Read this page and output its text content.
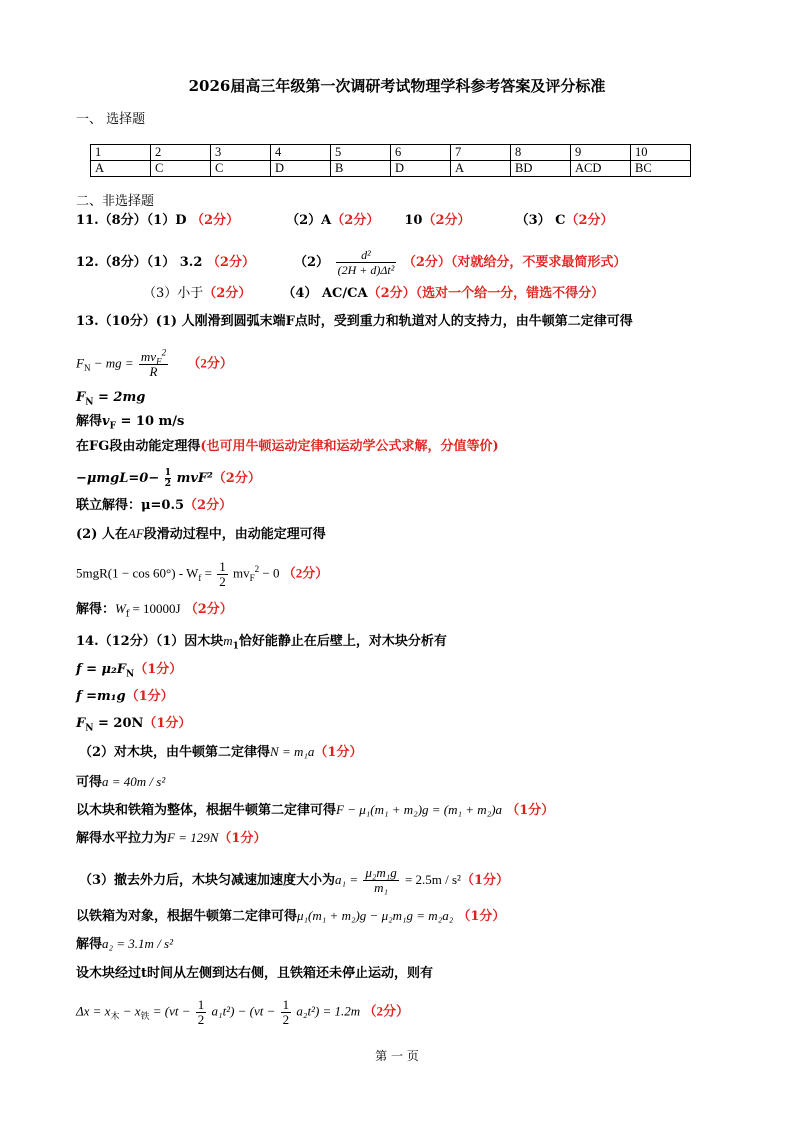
2026届高三年级第一次调研考试物理学科参考答案及评分标准
一、 选择题
1	2	3	4	5	6	7	8	9	10
A	C	C	D	B	D	A	BD	ACD	BC
二、非选择题
11.（8分）（1）D （2分）	（2）A（2分） 10（2分）	（3） C（2分）
12.（8分）（1） 3.2 （2分）	$(2) \frac{\text{d²}}{\text{(2H + d)Δt²}} (2$分）（对就给分，不要求最简形式）
（3）小于（2分） （4） AC/CA（2分）（选对一个给一分，错选不得分）
13.（10分）(1) 人刚滑到圆弧末端F点时，受到重力和轨道对人的支持力，由牛顿第二定律可得
$F_N$ − mg = $\frac{mv_F^2}{R} (2$分）
$F_N = 2mg$
解得$v_F = 10$ m/s
在FG段由动能定理得(也可用牛顿运动定律和运动学公式求解，分值等价)
$-\mu mgL=0- \frac{1}{2} mvF^2(2$分）
联立解得：μ=0.5（2分）
(2) 人在AF段滑动过程中，由动能定理可得
$5mgR(1 - \cos 60^\circ) - W_f = \frac{1}{2} mv_F^2 - 0$ （2分）
解得：$W_f = 10000J$ （2分）
14.（12分）（1）因木块$m_1$恰好能静止在后壁上，对木块分析有
$f = \mu_2F_N(1$分）
f =m₁g（1分）
$F_N = 20N(1$分）
（2）对木块，由牛顿第二定律得N = m₁a（1分）
可得a = 40m / s²
以木块和铁箱为整体，根据牛顿第二定律可得F − μ₁(m₁ + m₂)g = (m₁ + m₂)a （1分）
解得水平拉力为F = 129N（1分）
（3）撤去外力后，木块匀减速加速度大小为$a_1 = \frac{\text{μ₂m₁g}}{\text{m₁}} = 2.5m / s^2(1$分）
以铁箱为对象，根据牛顿第二定律可得μ₁(m₁ + m₂)g − μ₂m₁g = m₂a₂ （1分）
解得a₂ = 3.1m / s²
设木块经过t时间从左侧到达右侧，且铁箱还未停止运动，则有
$\Delta x = x_木 - x_铁 = (vt - \frac{1}{2} a_1t^2) - (vt - \frac{1}{2} a_2t^2) = 1.2m$ （2分）
第 一 页
